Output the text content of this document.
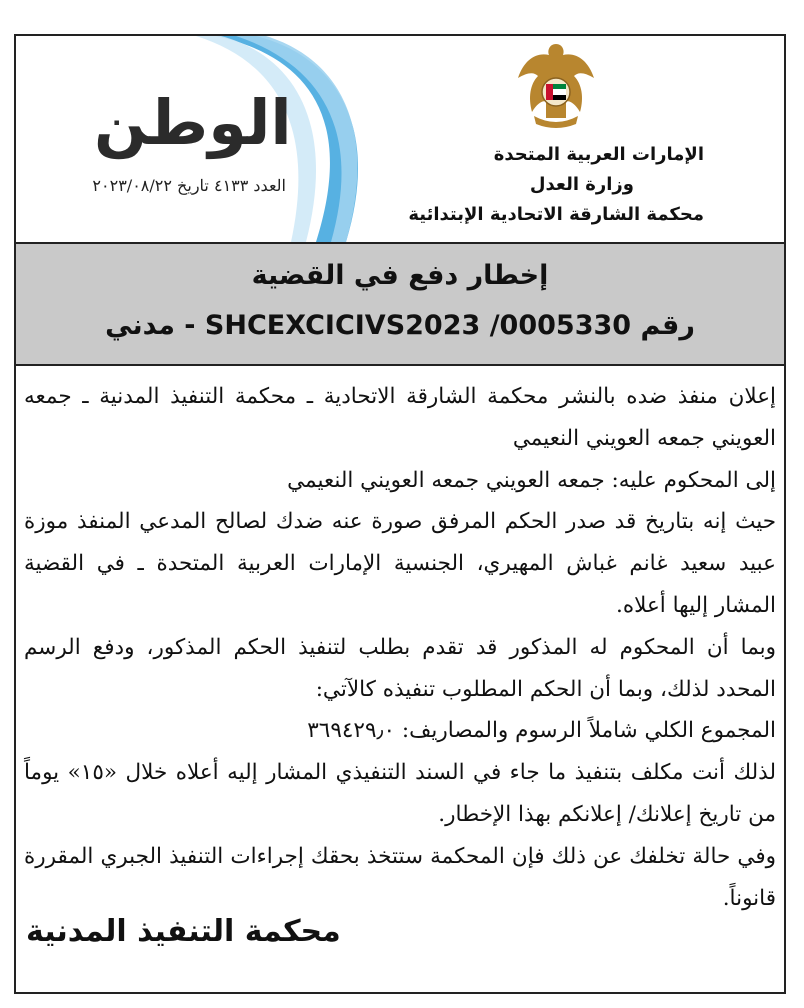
الوطن
العدد ٤١٣٣ تاريخ ٢٠٢٣/٠٨/٢٢
الإمارات العربية المتحدة
وزارة العدل
محكمة الشارقة الاتحادية الإبتدائية
إخطار دفع في القضية
رقم SHCEXCICIVS2023 /0005330 - مدني

إعلان منفذ ضده بالنشر محكمة الشارقة الاتحادية ـ محكمة التنفيذ المدنية ـ جمعه العويني جمعه العويني النعيمي

إلى المحكوم عليه: جمعه العويني جمعه العويني النعيمي

حيث إنه بتاريخ قد صدر الحكم المرفق صورة عنه ضدك لصالح المدعي المنفذ موزة عبيد سعيد غانم غباش المهيري، الجنسية الإمارات العربية المتحدة ـ في القضية المشار إليها أعلاه.

وبما أن المحكوم له المذكور قد تقدم بطلب لتنفيذ الحكم المذكور، ودفع الرسم المحدد لذلك، وبما أن الحكم المطلوب تنفيذه كالآتي:

المجموع الكلي شاملاً الرسوم والمصاريف: ٣٦٩٤٢٩٫٠

لذلك أنت مكلف بتنفيذ ما جاء في السند التنفيذي المشار إليه أعلاه خلال «١٥» يوماً من تاريخ إعلانك/ إعلانكم بهذا الإخطار.

وفي حالة تخلفك عن ذلك فإن المحكمة ستتخذ بحقك إجراءات التنفيذ الجبري المقررة قانوناً.

محكمة التنفيذ المدنية
